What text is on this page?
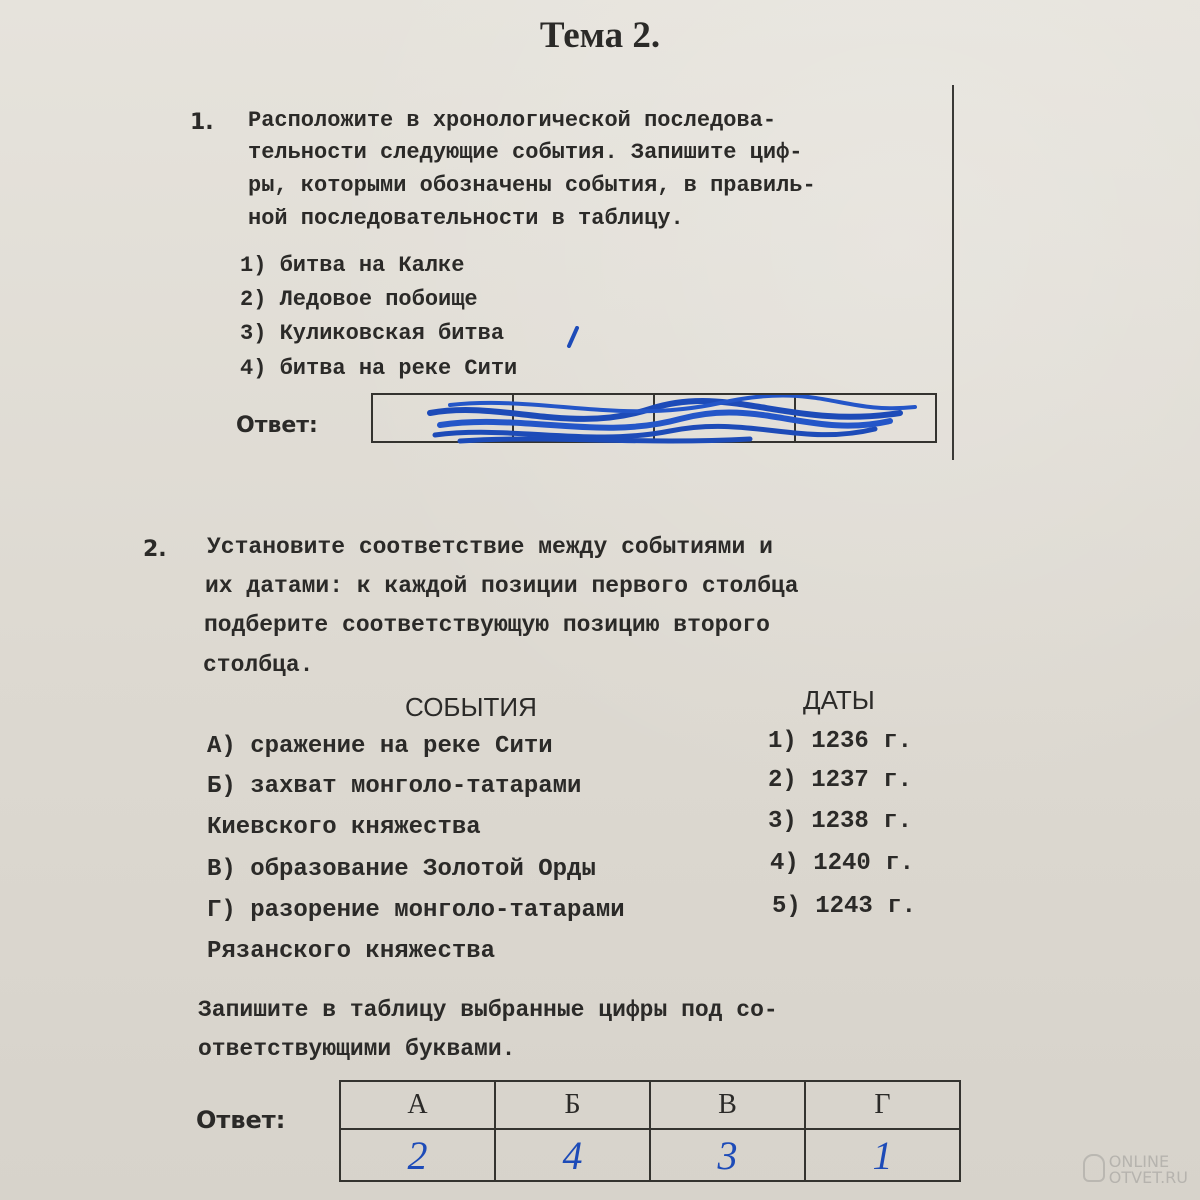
Тема 2.
1. Расположите в хронологической последова-
тельности следующие события. Запишите циф-
ры, которыми обозначены события, в правиль-
ной последовательности в таблицу.
1) битва на Калке
2) Ледовое побоище
3) Куликовская битва
4) битва на реке Сити
Ответ:

2. Установите соответствие между событиями и
их датами: к каждой позиции первого столбца
подберите соответствующую позицию второго
столбца.
СОБЫТИЯ	ДАТЫ
А) сражение на реке Сити
Б) захват монголо-татарами
Киевского княжества
В) образование Золотой Орды
Г) разорение монголо-татарами
Рязанского княжества
1) 1236 г.
2) 1237 г.
3) 1238 г.
4) 1240 г.
5) 1243 г.
Запишите в таблицу выбранные цифры под со-
ответствующими буквами.
Ответ:	А	Б	В	Г
2	4	3	1	ONLINE
OTVET.RU
